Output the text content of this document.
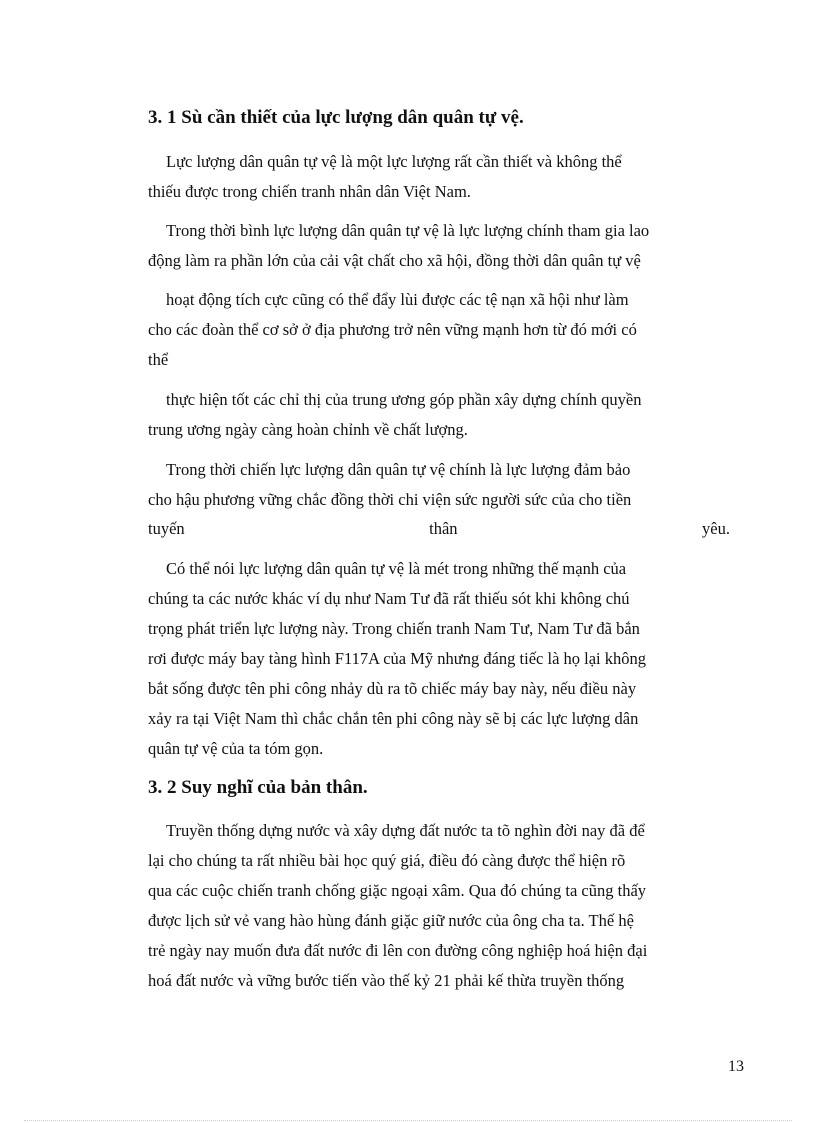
3. 1 Sù cần thiết của lực lượng dân quân tự vệ.
Lực lượng dân quân tự vệ là một lực lượng rất cần thiết và không thể
thiếu được trong chiến tranh nhân dân Việt Nam.
Trong thời bình lực lượng dân quân tự vệ là lực lượng chính tham gia lao
động làm ra phần lớn của cải vật chất cho xã hội, đồng thời dân quân tự vệ
hoạt động tích cực cũng có thể đẩy lùi được các tệ nạn xã hội như làm
cho các đoàn thể cơ sở ở địa phương trở nên vững mạnh hơn từ đó mới có
thể
thực hiện tốt các chỉ thị của trung ương góp phần xây dựng chính quyền
trung ương ngày càng hoàn chỉnh về chất lượng.
Trong thời chiến lực lượng dân quân tự vệ chính là lực lượng đảm bảo
cho hậu phương vững chắc đồng thời chi viện sức người sức của cho tiền
tuyến	thân	yêu.
Có thể nói lực lượng dân quân tự vệ là mét trong những thế mạnh của
chúng ta các nước khác ví dụ như Nam Tư đã rất thiếu sót khi không chú
trọng phát triển lực lượng này. Trong chiến tranh Nam Tư, Nam Tư đã bắn
rơi được máy bay tàng hình F117A của Mỹ nhưng đáng tiếc là họ lại không
bắt sống được tên phi công nhảy dù ra tõ chiếc máy bay này, nếu điều này
xảy ra tại Việt Nam thì chắc chắn tên phi công này sẽ bị các lực lượng dân
quân tự vệ của ta tóm gọn.
3. 2 Suy nghĩ của bản thân.
Truyền thống dựng nước và xây dựng đất nước ta tõ nghìn đời nay đã để
lại cho chúng ta rất nhiều bài học quý giá, điều đó càng được thể hiện rõ
qua các cuộc chiến tranh chống giặc ngoại xâm. Qua đó chúng ta cũng thấy
được lịch sử vẻ vang hào hùng đánh giặc giữ nước của ông cha ta. Thế hệ
trẻ ngày nay muốn đưa đất nước đi lên con đường công nghiệp hoá hiện đại
hoá đất nước và vững bước tiến vào thế kỷ 21 phải kế thừa truyền thống
13
